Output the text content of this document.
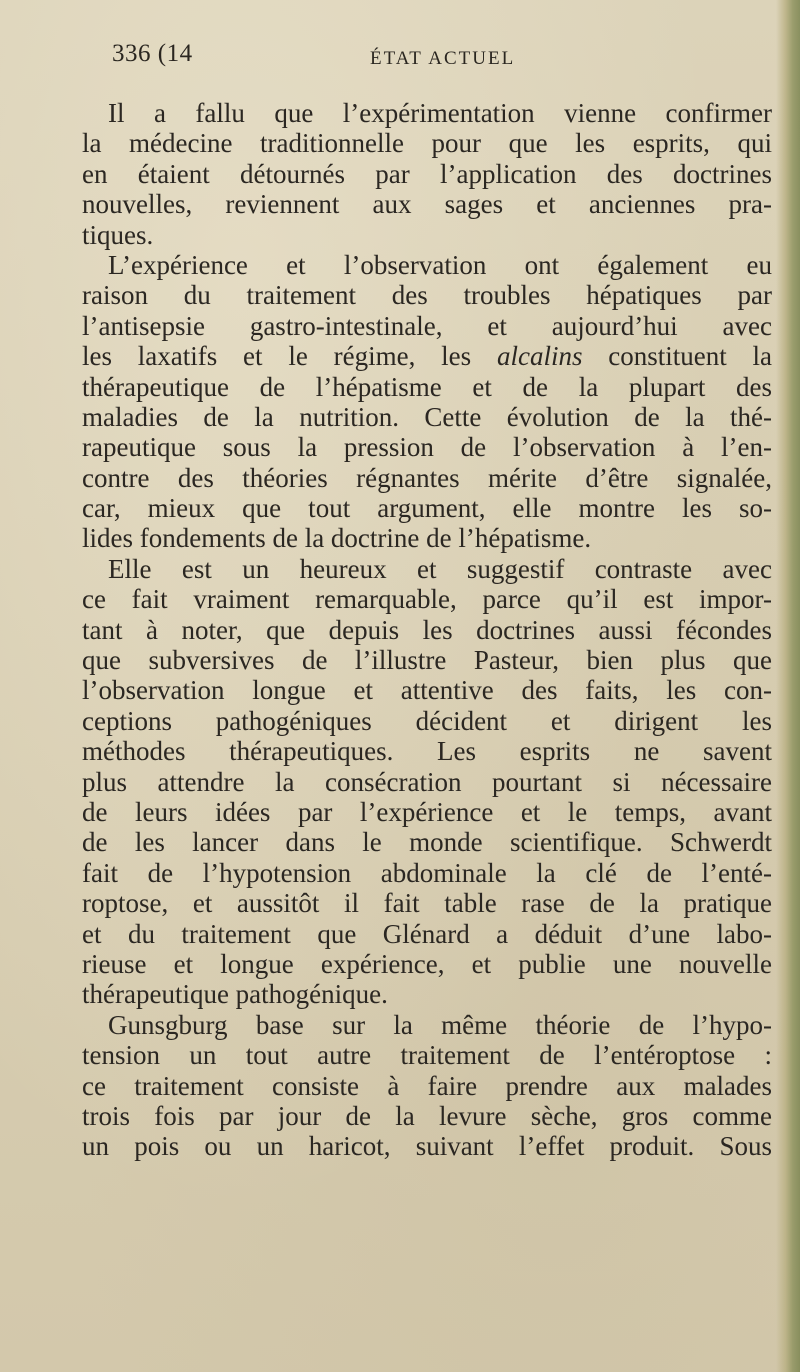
336 (14	ÉTAT ACTUEL
Il a fallu que l’expérimentation vienne confirmer
la médecine traditionnelle pour que les esprits, qui
en étaient détournés par l’application des doctrines
nouvelles, reviennent aux sages et anciennes pra-
tiques.
L’expérience et l’observation ont également eu
raison du traitement des troubles hépatiques par
l’antisepsie gastro-intestinale, et aujourd’hui avec
les laxatifs et le régime, les alcalins constituent la
thérapeutique de l’hépatisme et de la plupart des
maladies de la nutrition. Cette évolution de la thé-
rapeutique sous la pression de l’observation à l’en-
contre des théories régnantes mérite d’être signalée,
car, mieux que tout argument, elle montre les so-
lides fondements de la doctrine de l’hépatisme.
Elle est un heureux et suggestif contraste avec
ce fait vraiment remarquable, parce qu’il est impor-
tant à noter, que depuis les doctrines aussi fécondes
que subversives de l’illustre Pasteur, bien plus que
l’observation longue et attentive des faits, les con-
ceptions pathogéniques décident et dirigent les
méthodes thérapeutiques. Les esprits ne savent
plus attendre la consécration pourtant si nécessaire
de leurs idées par l’expérience et le temps, avant
de les lancer dans le monde scientifique. Schwerdt
fait de l’hypotension abdominale la clé de l’enté-
roptose, et aussitôt il fait table rase de la pratique
et du traitement que Glénard a déduit d’une labo-
rieuse et longue expérience, et publie une nouvelle
thérapeutique pathogénique.
Gunsgburg base sur la même théorie de l’hypo-
tension un tout autre traitement de l’entéroptose :
ce traitement consiste à faire prendre aux malades
trois fois par jour de la levure sèche, gros comme
un pois ou un haricot, suivant l’effet produit. Sous
